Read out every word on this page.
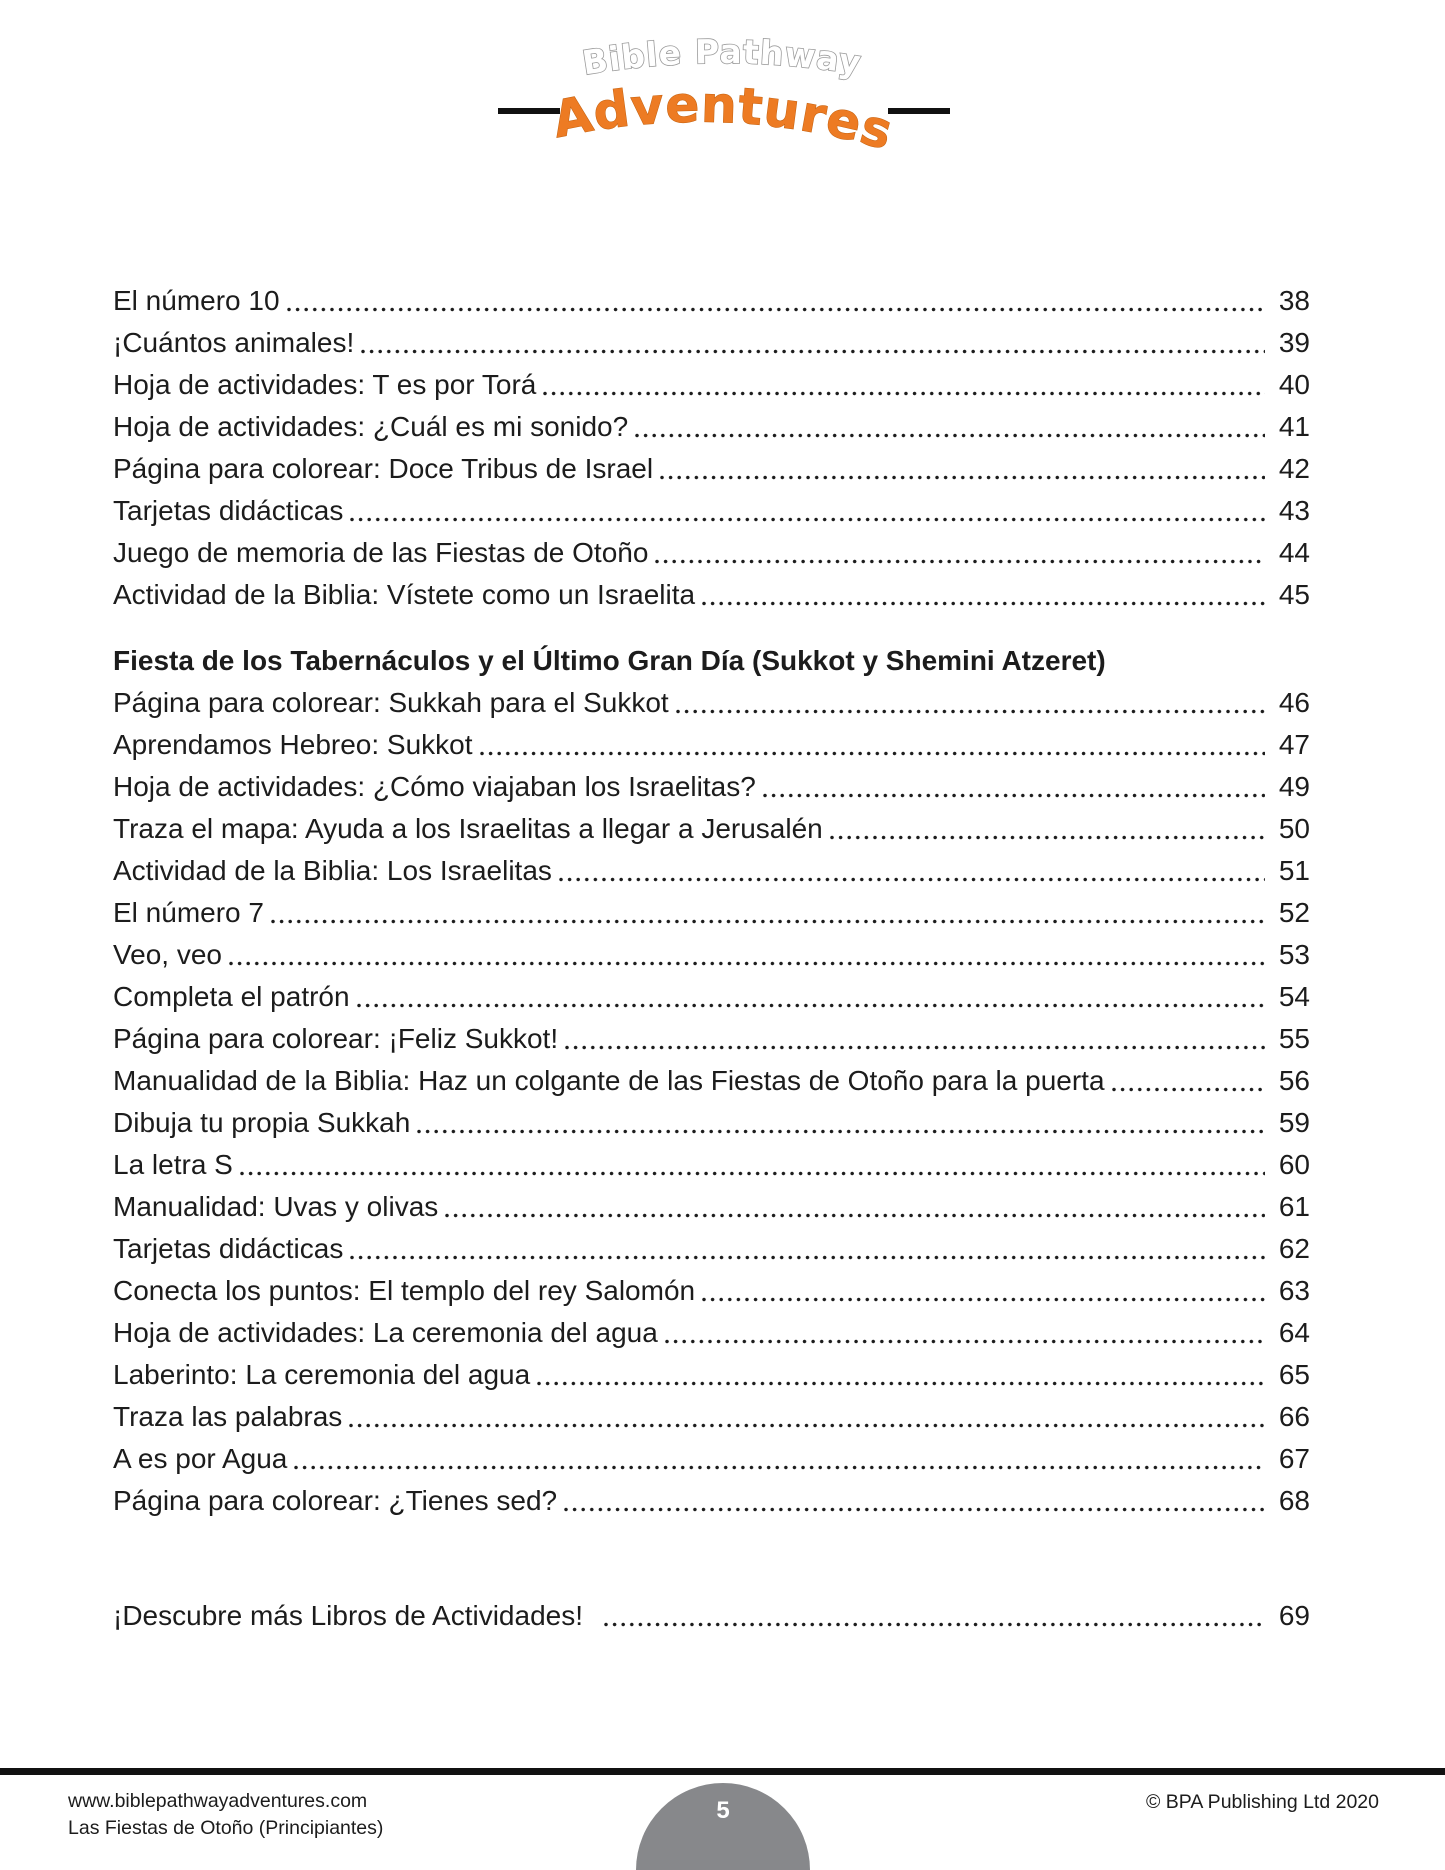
Bible Pathway
Adventures
El número 10	38
¡Cuántos animales!	39
Hoja de actividades: T es por Torá	40
Hoja de actividades: ¿Cuál es mi sonido?	41
Página para colorear: Doce Tribus de Israel	42
Tarjetas didácticas	43
Juego de memoria de las Fiestas de Otoño	44
Actividad de la Biblia: Vístete como un Israelita	45
Fiesta de los Tabernáculos y el Último Gran Día (Sukkot y Shemini Atzeret)
Página para colorear: Sukkah para el Sukkot	46
Aprendamos Hebreo: Sukkot	47
Hoja de actividades: ¿Cómo viajaban los Israelitas?	49
Traza el mapa: Ayuda a los Israelitas a llegar a Jerusalén	50
Actividad de la Biblia: Los Israelitas	51
El número 7	52
Veo, veo	53
Completa el patrón	54
Página para colorear: ¡Feliz Sukkot!	55
Manualidad de la Biblia: Haz un colgante de las Fiestas de Otoño para la puerta	56
Dibuja tu propia Sukkah	59
La letra S	60
Manualidad: Uvas y olivas	61
Tarjetas didácticas	62
Conecta los puntos: El templo del rey Salomón	63
Hoja de actividades: La ceremonia del agua	64
Laberinto: La ceremonia del agua	65
Traza las palabras	66
A es por Agua	67
Página para colorear: ¿Tienes sed?	68
¡Descubre más Libros de Actividades!	69
www.biblepathwayadventures.com
Las Fiestas de Otoño (Principiantes)
© BPA Publishing Ltd 2020
5
